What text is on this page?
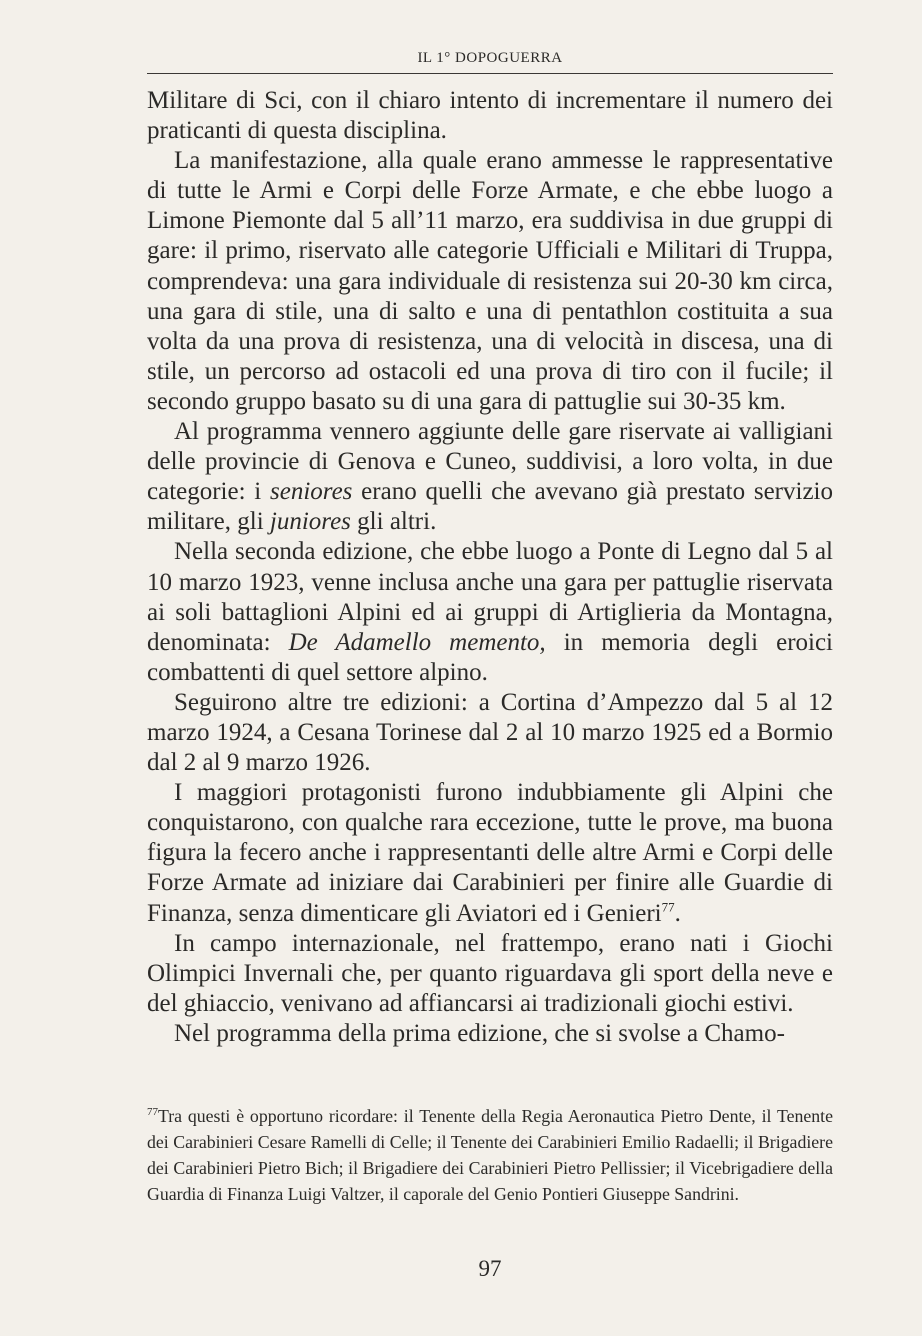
IL 1° DOPOGUERRA

Militare di Sci, con il chiaro intento di incrementare il numero dei praticanti di questa disciplina.

La manifestazione, alla quale erano ammesse le rappresentative di tutte le Armi e Corpi delle Forze Armate, e che ebbe luogo a Limone Piemonte dal 5 all’11 marzo, era suddivisa in due gruppi di gare: il primo, riservato alle categorie Ufficiali e Militari di Truppa, comprendeva: una gara individuale di resistenza sui 20-30 km circa, una gara di stile, una di salto e una di pentathlon costituita a sua volta da una prova di resistenza, una di velocità in discesa, una di stile, un percorso ad ostacoli ed una prova di tiro con il fucile; il secondo gruppo basato su di una gara di pattuglie sui 30-35 km.

Al programma vennero aggiunte delle gare riservate ai valligiani delle provincie di Genova e Cuneo, suddivisi, a loro volta, in due categorie: i seniores erano quelli che avevano già prestato servizio militare, gli juniores gli altri.

Nella seconda edizione, che ebbe luogo a Ponte di Legno dal 5 al 10 marzo 1923, venne inclusa anche una gara per pattuglie riservata ai soli battaglioni Alpini ed ai gruppi di Artiglieria da Montagna, denominata: De Adamello memento, in memoria degli eroici combattenti di quel settore alpino.

Seguirono altre tre edizioni: a Cortina d’Ampezzo dal 5 al 12 marzo 1924, a Cesana Torinese dal 2 al 10 marzo 1925 ed a Bormio dal 2 al 9 marzo 1926.

I maggiori protagonisti furono indubbiamente gli Alpini che conquistarono, con qualche rara eccezione, tutte le prove, ma buona figura la fecero anche i rappresentanti delle altre Armi e Corpi delle Forze Armate ad iniziare dai Carabinieri per finire alle Guardie di Finanza, senza dimenticare gli Aviatori ed i Genieri$^{77}$.

In campo internazionale, nel frattempo, erano nati i Giochi Olimpici Invernali che, per quanto riguardava gli sport della neve e del ghiaccio, venivano ad affiancarsi ai tradizionali giochi estivi.

Nel programma della prima edizione, che si svolse a Chamo-

$^{77}$Tra questi è opportuno ricordare: il Tenente della Regia Aeronautica Pietro Dente, il Tenente dei Carabinieri Cesare Ramelli di Celle; il Tenente dei Carabinieri Emilio Radaelli; il Brigadiere dei Carabinieri Pietro Bich; il Brigadiere dei Carabinieri Pietro Pellissier; il Vicebrigadiere della Guardia di Finanza Luigi Valtzer, il caporale del Genio Pontieri Giuseppe Sandrini.

97
